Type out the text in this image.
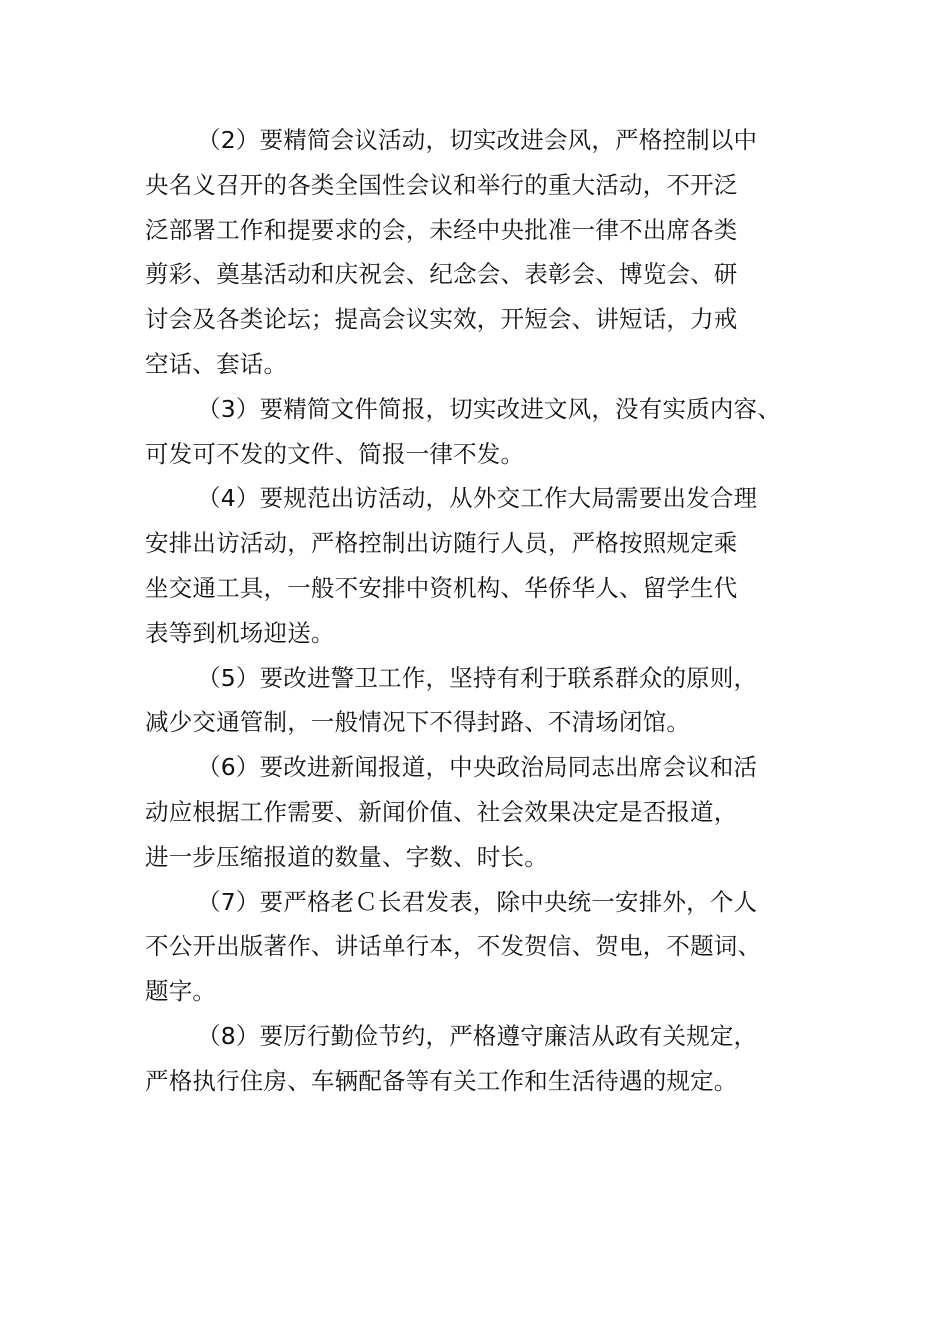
（2）要精简会议活动，切实改进会风，严格控制以中
央名义召开的各类全国性会议和举行的重大活动，不开泛
泛部署工作和提要求的会，未经中央批准一律不出席各类
剪彩、奠基活动和庆祝会、纪念会、表彰会、博览会、研
讨会及各类论坛；提高会议实效，开短会、讲短话，力戒
空话、套话。
（3）要精简文件简报，切实改进文风，没有实质内容、
可发可不发的文件、简报一律不发。
（4）要规范出访活动，从外交工作大局需要出发合理
安排出访活动，严格控制出访随行人员，严格按照规定乘
坐交通工具，一般不安排中资机构、华侨华人、留学生代
表等到机场迎送。
（5）要改进警卫工作，坚持有利于联系群众的原则，
减少交通管制，一般情况下不得封路、不清场闭馆。
（6）要改进新闻报道，中央政治局同志出席会议和活
动应根据工作需要、新闻价值、社会效果决定是否报道，
进一步压缩报道的数量、字数、时长。
（7）要严格老Ｃ长君发表，除中央统一安排外，个人
不公开出版著作、讲话单行本，不发贺信、贺电，不题词、
题字。
（8）要厉行勤俭节约，严格遵守廉洁从政有关规定，
严格执行住房、车辆配备等有关工作和生活待遇的规定。
